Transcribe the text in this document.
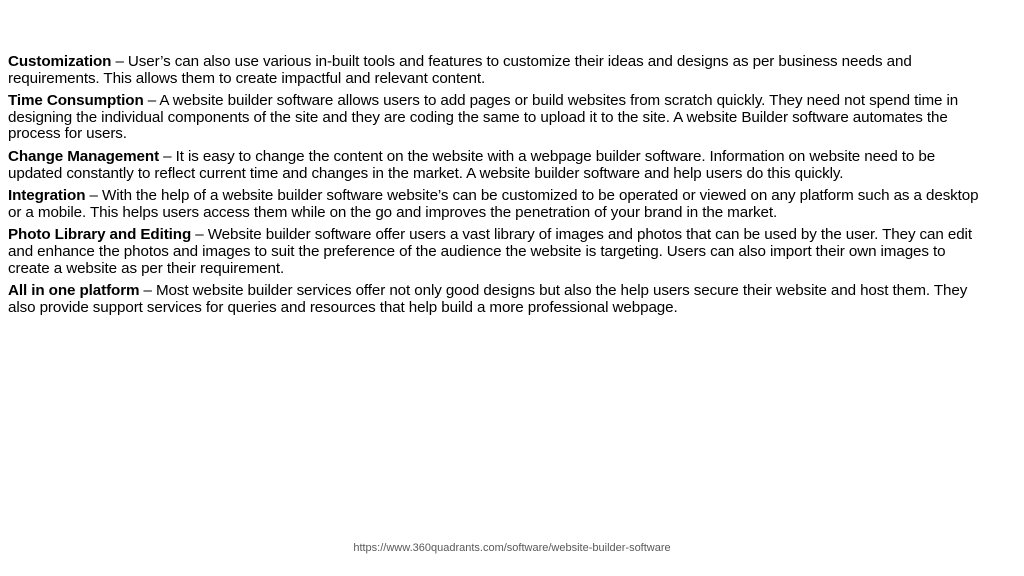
Customization – User’s can also use various in-built tools and features to customize their ideas and designs as per business needs and requirements. This allows them to create impactful and relevant content.

Time Consumption – A website builder software allows users to add pages or build websites from scratch quickly. They need not spend time in designing the individual components of the site and they are coding the same to upload it to the site. A website Builder software automates the process for users.

Change Management – It is easy to change the content on the website with a webpage builder software. Information on website need to be updated constantly to reflect current time and changes in the market. A website builder software and help users do this quickly.

Integration – With the help of a website builder software website’s can be customized to be operated or viewed on any platform such as a desktop or a mobile. This helps users access them while on the go and improves the penetration of your brand in the market.

Photo Library and Editing – Website builder software offer users a vast library of images and photos that can be used by the user. They can edit and enhance the photos and images to suit the preference of the audience the website is targeting. Users can also import their own images to create a website as per their requirement.

All in one platform – Most website builder services offer not only good designs but also the help users secure their website and host them. They also provide support services for queries and resources that help build a more professional webpage.

https://www.360quadrants.com/software/website-builder-software
